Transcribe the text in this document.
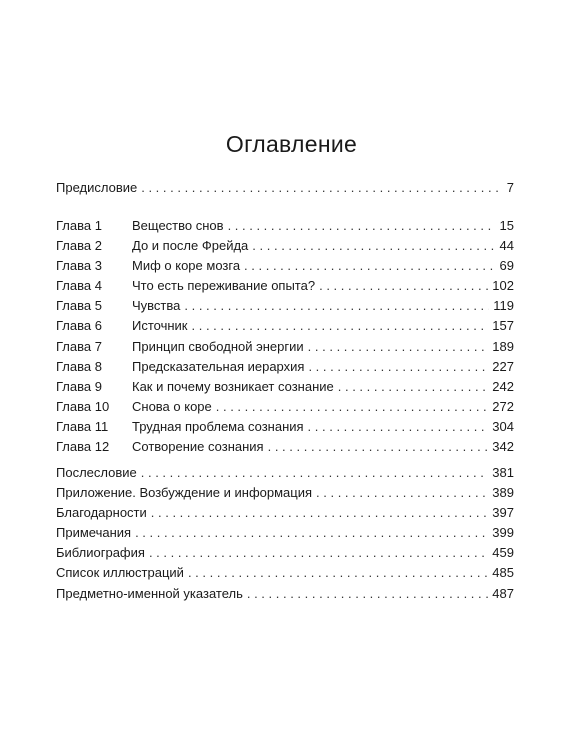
Оглавление
Предисловие . . .	7
Глава 1	Вещество снов . . .	15
Глава 2	До и после Фрейда . . .	44
Глава 3	Миф о коре мозга . . .	69
Глава 4	Что есть переживание опыта? . . .	102
Глава 5	Чувства . . .	119
Глава 6	Источник . . .	157
Глава 7	Принцип свободной энергии . . .	189
Глава 8	Предсказательная иерархия . . .	227
Глава 9	Как и почему возникает сознание . . .	242
Глава 10	Снова о коре . . .	272
Глава 11	Трудная проблема сознания . . .	304
Глава 12	Сотворение сознания . . .	342
Послесловие . . .	381
Приложение. Возбуждение и информация . . .	389
Благодарности . . .	397
Примечания . . .	399
Библиография . . .	459
Список иллюстраций . . .	485
Предметно-именной указатель . . .	487
